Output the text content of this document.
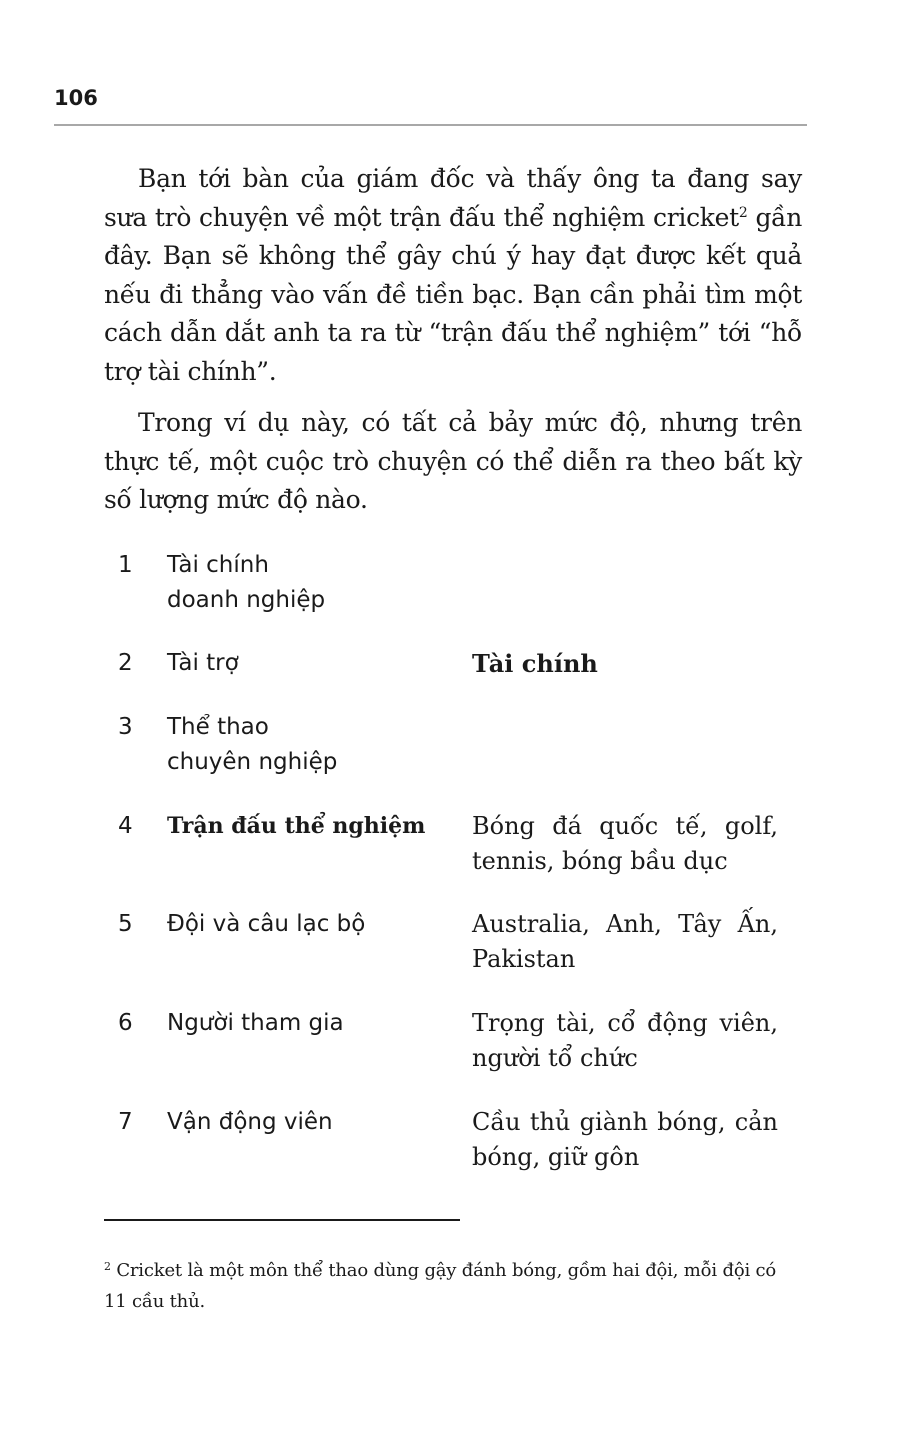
106

Bạn tới bàn của giám đốc và thấy ông ta đang say sưa trò chuyện về một trận đấu thể nghiệm cricket$^2$ gần đây. Bạn sẽ không thể gây chú ý hay đạt được kết quả nếu đi thẳng vào vấn đề tiền bạc. Bạn cần phải tìm một cách dẫn dắt anh ta ra từ “trận đấu thể nghiệm” tới “hỗ trợ tài chính”.

Trong ví dụ này, có tất cả bảy mức độ, nhưng trên thực tế, một cuộc trò chuyện có thể diễn ra theo bất kỳ số lượng mức độ nào.

1	Tài chính
doanh nghiệp
2	Tài trợ	Tài chính
3	Thể thao
chuyên nghiệp
4	Trận đấu thể nghiệm	Bóng đá quốc tế, golf, tennis, bóng bầu dục
5	Đội và câu lạc bộ	Australia, Anh, Tây Ấn, Pakistan
6	Người tham gia	Trọng tài, cổ động viên, người tổ chức
7	Vận động viên	Cầu thủ giành bóng, cản bóng, giữ gôn
$^2$ Cricket là một môn thể thao dùng gậy đánh bóng, gồm hai đội, mỗi đội có 11 cầu thủ.
